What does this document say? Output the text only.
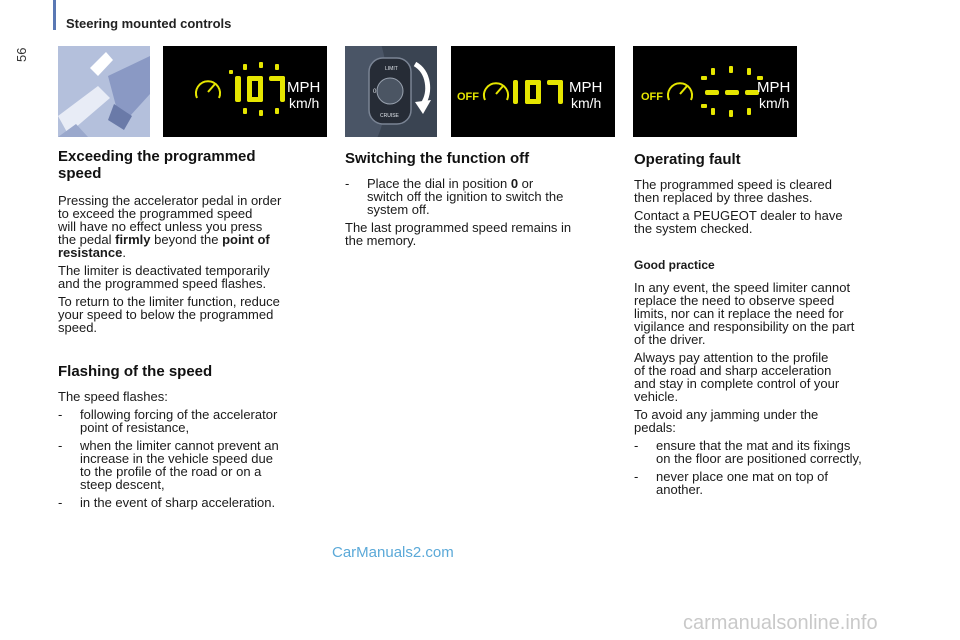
56
Steering mounted controls
MPH
km/h
LIMIT
0
CRUISE
OFF
MPH
km/h	OFF
MPH
km/h
Exceeding the programmed
speed

Pressing the accelerator pedal in order
to exceed the programmed speed
will have no effect unless you press
the pedal firmly beyond the point of
resistance.

The limiter is deactivated temporarily
and the programmed speed flashes.

To return to the limiter function, reduce
your speed to below the programmed
speed.

Flashing of the speed

The speed flashes:

- following forcing of the accelerator
point of resistance,
- when the limiter cannot prevent an
increase in the vehicle speed due
to the profile of the road or on a
steep descent,
- in the event of sharp acceleration.
Switching the function off
- Place the dial in position 0 or
switch off the ignition to switch the
system off.

The last programmed speed remains in
the memory.

Operating fault

The programmed speed is cleared
then replaced by three dashes.

Contact a PEUGEOT dealer to have
the system checked.

Good practice

In any event, the speed limiter cannot
replace the need to observe speed
limits, nor can it replace the need for
vigilance and responsibility on the part
of the driver.

Always pay attention to the profile
of the road and sharp acceleration
and stay in complete control of your
vehicle.

To avoid any jamming under the
pedals:

- ensure that the mat and its fixings
on the floor are positioned correctly,
- never place one mat on top of
another.
CarManuals2.com
carmanualsonline.info
